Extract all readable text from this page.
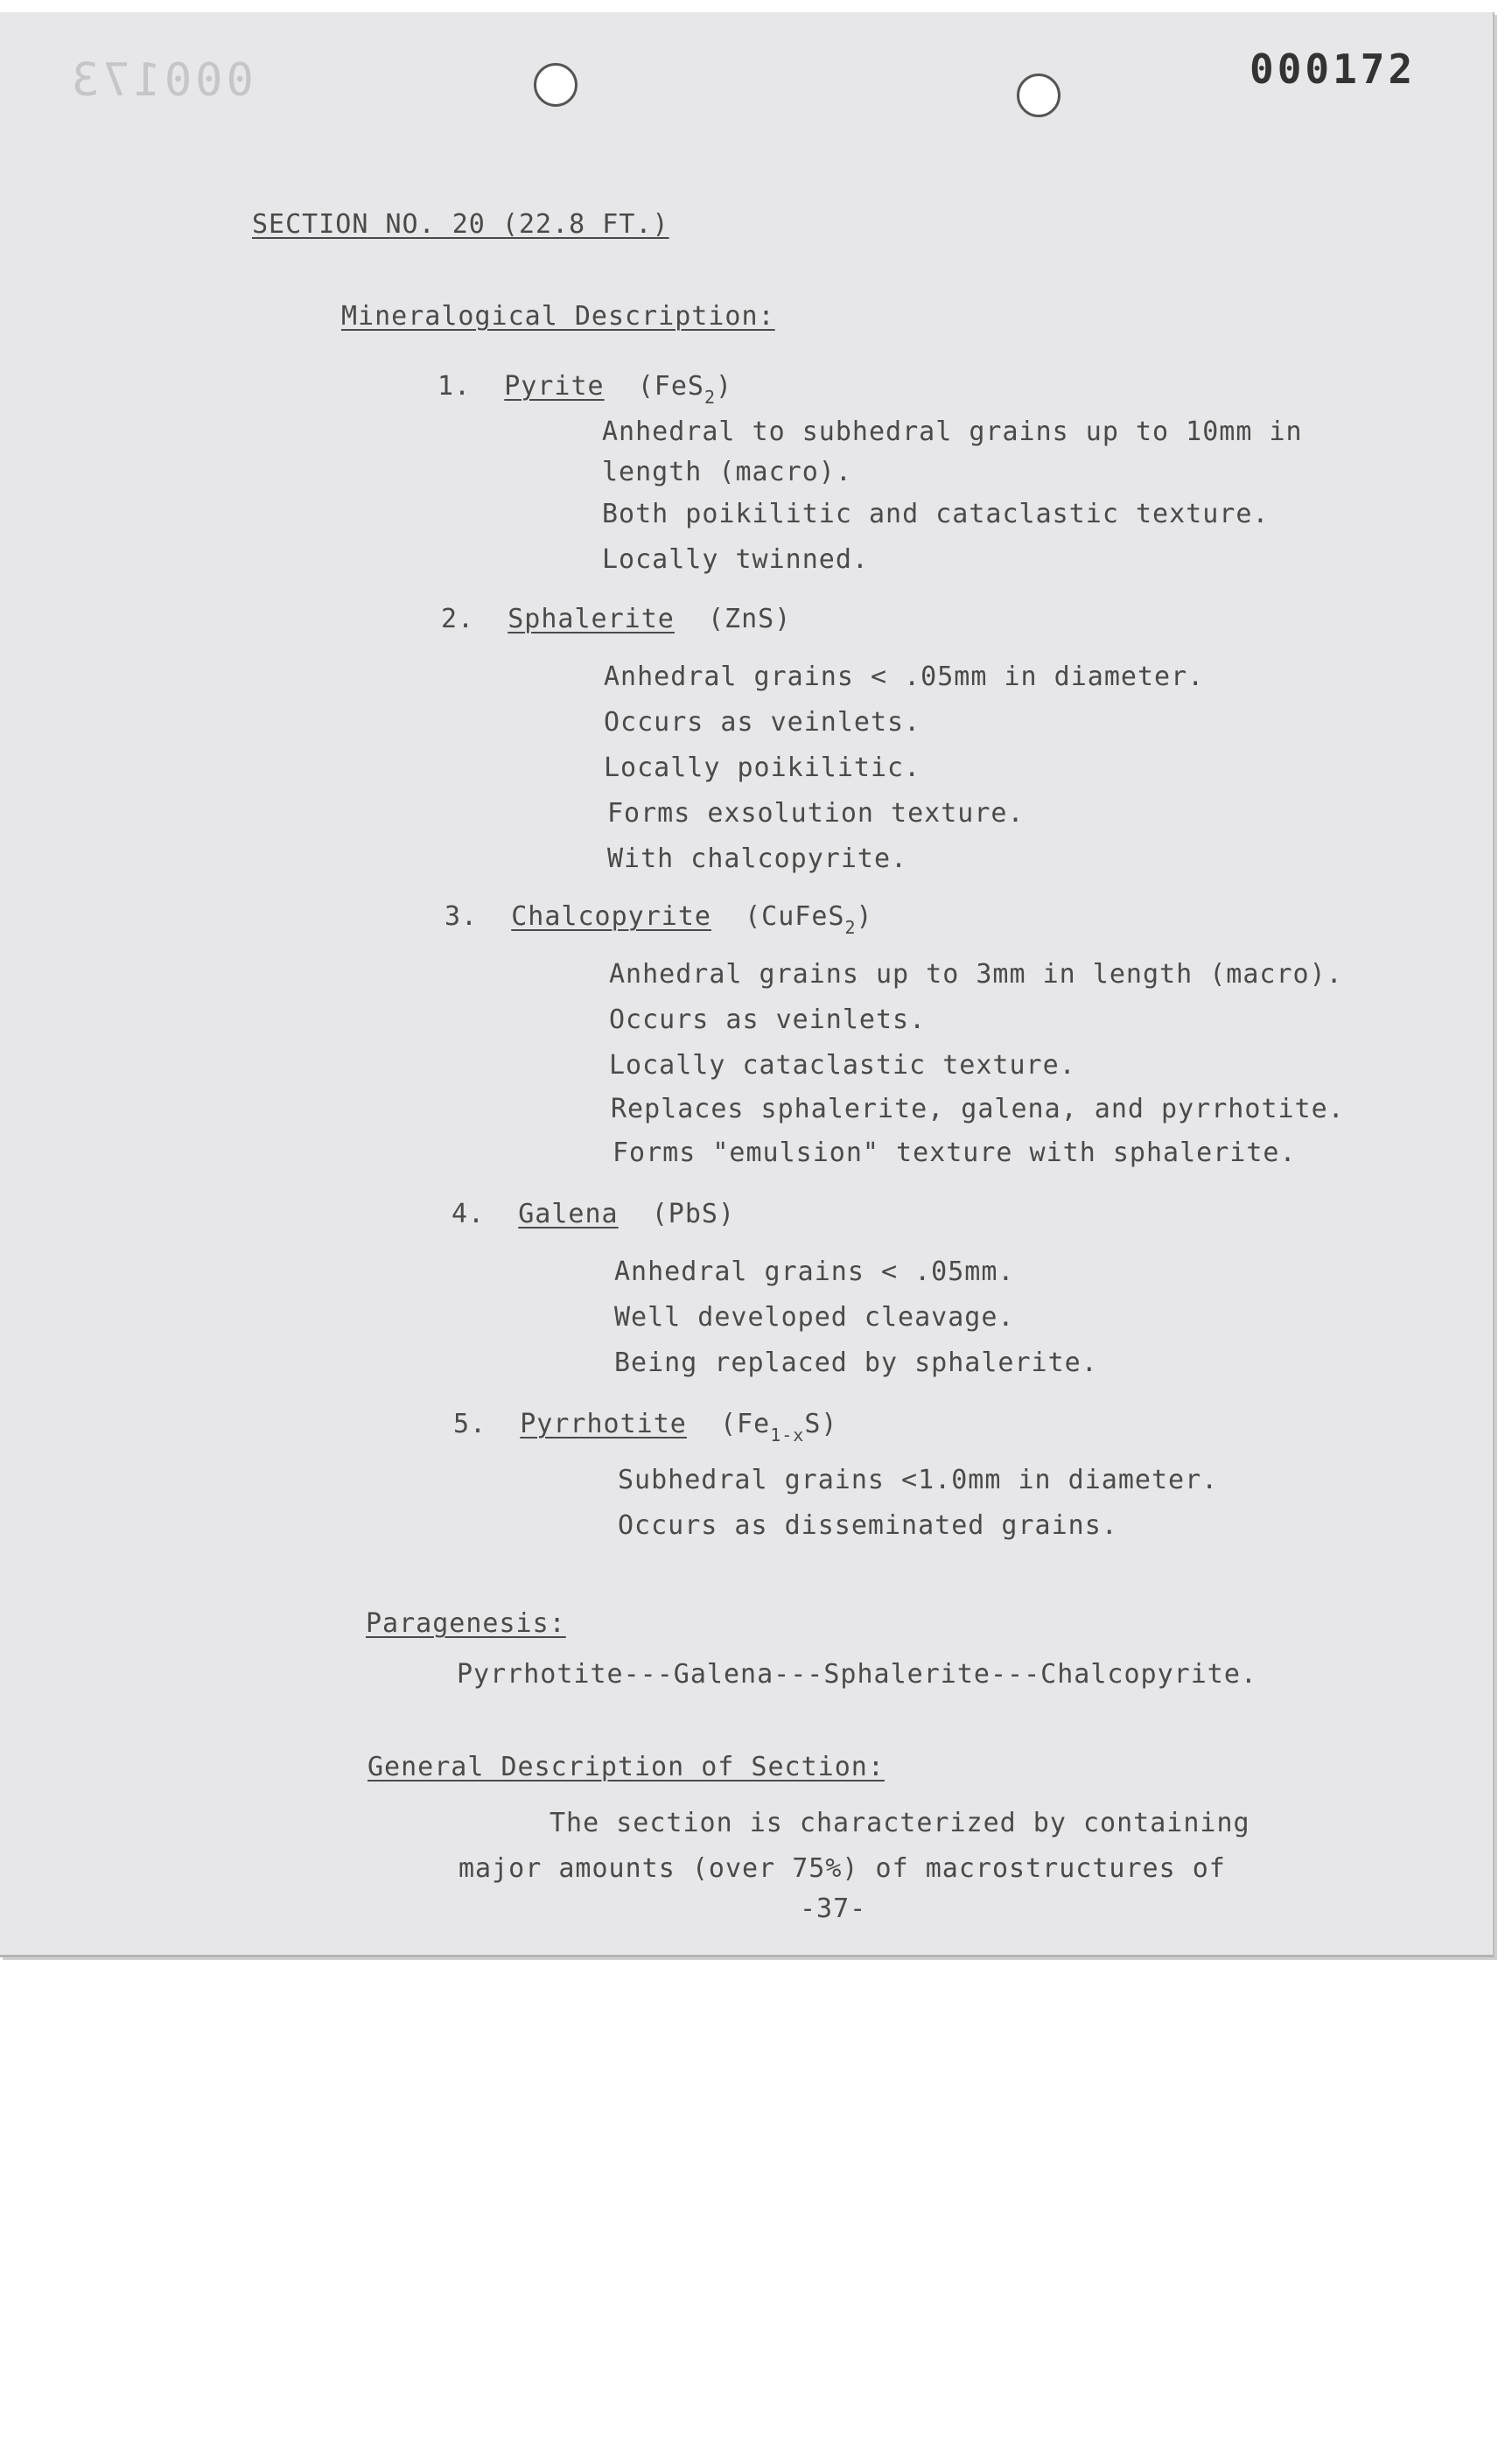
000173	000172
SECTION NO. 20 (22.8 FT.)
Mineralogical Description:
1. Pyrite (FeS$_2$)
Anhedral to subhedral grains up to 10mm in
length (macro).
Both poikilitic and cataclastic texture.
Locally twinned.
2. Sphalerite (ZnS)
Anhedral grains < .05mm in diameter.
Occurs as veinlets.
Locally poikilitic.
Forms exsolution texture.
With chalcopyrite.
3. Chalcopyrite (CuFeS$_2$)
Anhedral grains up to 3mm in length (macro).
Occurs as veinlets.
Locally cataclastic texture.
Replaces sphalerite, galena, and pyrrhotite.
Forms "emulsion" texture with sphalerite.
4. Galena (PbS)
Anhedral grains < .05mm.
Well developed cleavage.
Being replaced by sphalerite.
5. Pyrrhotite $(Fe_{1-x}S)$
Subhedral grains <1.0mm in diameter.
Occurs as disseminated grains.
Paragenesis:
Pyrrhotite---Galena---Sphalerite---Chalcopyrite.
General Description of Section:
The section is characterized by containing
major amounts (over 75%) of macrostructures of
-37-
